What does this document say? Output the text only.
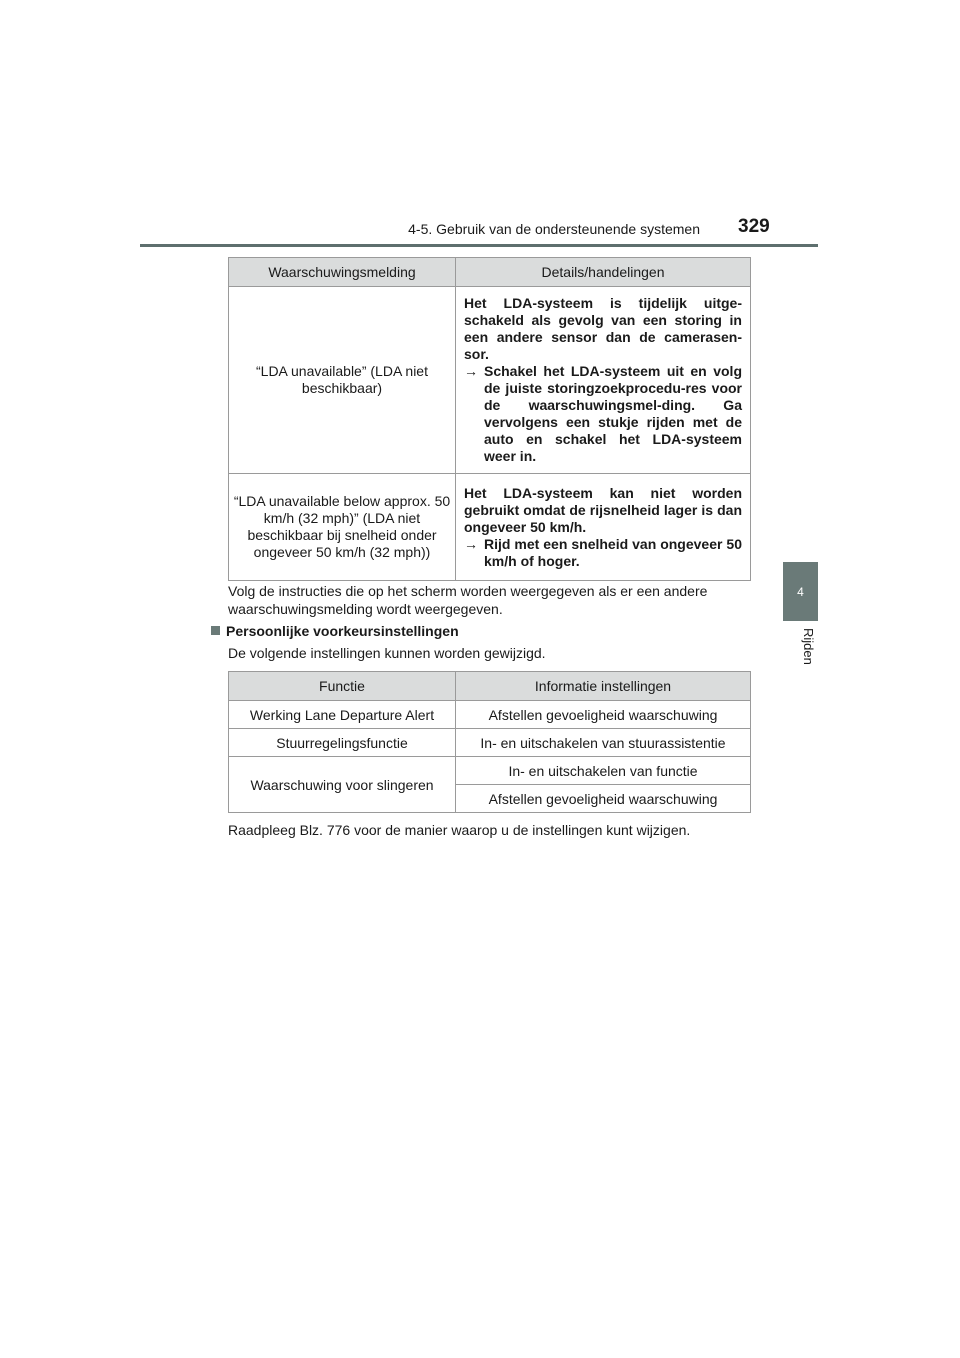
4-5. Gebruik van de ondersteunende systemen 329
4
Rijden
Waarschuwingsmelding	Details/handelingen
“LDA unavailable” (LDA niet beschikbaar)	Het LDA-systeem is tijdelijk uitge-schakeld als gevolg van een storing in een andere sensor dan de camerasen-sor.
→ Schakel het LDA-systeem uit en volg de juiste storingzoekprocedu-res voor de waarschuwingsmel-ding. Ga vervolgens een stukje rijden met de auto en schakel het LDA-systeem weer in.

“LDA unavailable below approx. 50 km/h (32 mph)” (LDA niet beschikbaar bij snelheid onder ongeveer 50 km/h (32 mph))	Het LDA-systeem kan niet worden gebruikt omdat de rijsnelheid lager is dan ongeveer 50 km/h.
→ Rijd met een snelheid van ongeveer 50 km/h of hoger.
Volg de instructies die op het scherm worden weergegeven als er een andere waarschuwingsmelding wordt weergegeven.
Persoonlijke voorkeursinstellingen
De volgende instellingen kunnen worden gewijzigd.
Functie	Informatie instellingen
Werking Lane Departure Alert	Afstellen gevoeligheid waarschuwing
Stuurregelingsfunctie	In- en uitschakelen van stuurassistentie
Waarschuwing voor slingeren	In- en uitschakelen van functie
	Afstellen gevoeligheid waarschuwing
Raadpleeg Blz. 776 voor de manier waarop u de instellingen kunt wijzigen.
